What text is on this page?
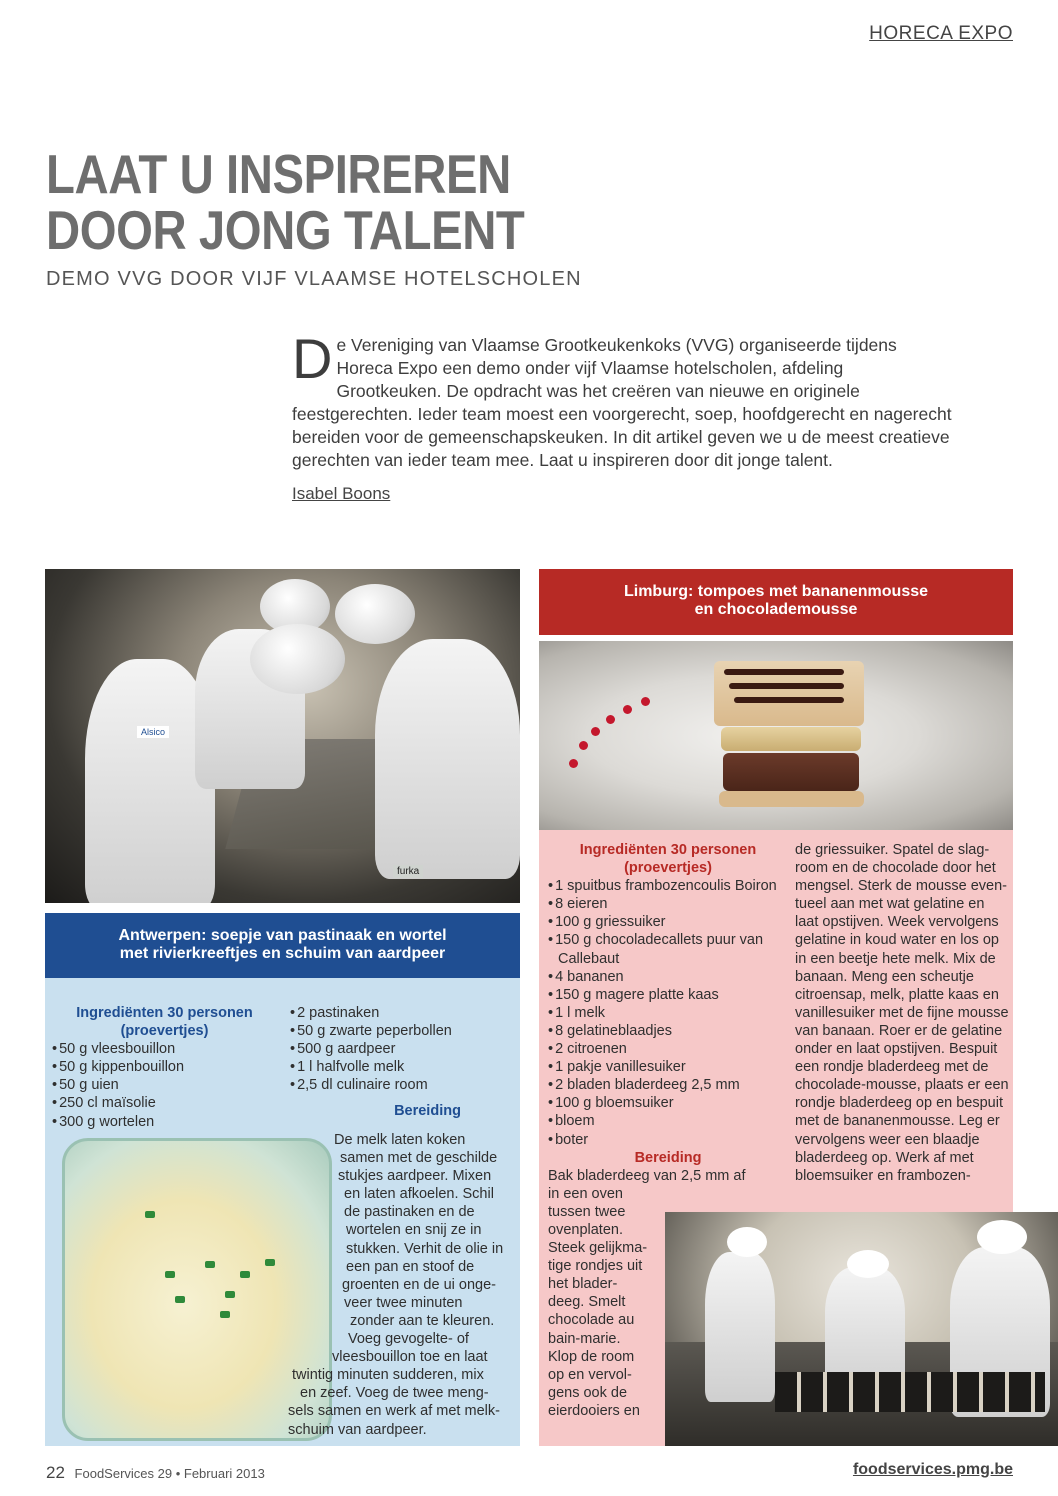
HORECA EXPO
LAAT U INSPIREREN
DOOR JONG TALENT
DEMO VVG DOOR VIJF VLAAMSE HOTELSCHOLEN
D e Vereniging van Vlaamse Grootkeukenkoks (VVG) organiseerde tijdens Horeca Expo een demo onder vijf Vlaamse hotelscholen, afdeling Grootkeuken. De opdracht was het creëren van nieuwe en originele feestgerechten. Ieder team moest een voorgerecht, soep, hoofdgerecht en nagerecht bereiden voor de gemeenschapskeuken. In dit artikel geven we u de meest creatieve gerechten van ieder team mee. Laat u inspireren door dit jonge talent.
Isabel Boons
Alsico
furka
Limburg: tompoes met bananenmousse
en chocolademousse
Antwerpen: soepje van pastinaak en wortel
met rivierkreeftjes en schuim van aardpeer
Ingrediënten 30 personen
(proevertjes)
• 50 g vleesbouillon
• 50 g kippenbouillon
• 50 g uien
• 250 cl maïsolie
• 300 g wortelen
• 2 pastinaken
• 50 g zwarte peperbollen
• 500 g aardpeer
• 1 l halfvolle melk
• 2,5 dl culinaire room
Bereiding
De melk laten koken
samen met de geschilde
stukjes aardpeer. Mixen
en laten afkoelen. Schil
de pastinaken en de
wortelen en snij ze in
stukken. Verhit de olie in
een pan en stoof de
groenten en de ui onge-
veer twee minuten
zonder aan te kleuren.
Voeg gevogelte- of
vleesbouillon toe en laat
twintig minuten sudderen, mix
en zeef. Voeg de twee meng-
sels samen en werk af met melk-
schuim van aardpeer.
Ingrediënten 30 personen
(proevertjes)
• 1 spuitbus frambozencoulis Boiron
• 8 eieren
• 100 g griessuiker
• 150 g chocoladecallets puur van Callebaut
• 4 bananen
• 150 g magere platte kaas
• 1 l melk
• 8 gelatineblaadjes
• 2 citroenen
• 1 pakje vanillesuiker
• 2 bladen bladerdeeg 2,5 mm
• 100 g bloemsuiker
• bloem
• boter
Bereiding
Bak bladerdeeg van 2,5 mm af
in een oven
tussen twee
ovenplaten.
Steek gelijkma-
tige rondjes uit
het blader-
deeg. Smelt
chocolade au
bain-marie.
Klop de room
op en vervol-
gens ook de
eierdooiers en
de griessuiker. Spatel de slag-room en de chocolade door het mengsel. Sterk de mousse even-tueel aan met wat gelatine en laat opstijven. Week vervolgens gelatine in koud water en los op in een beetje hete melk. Mix de banaan. Meng een scheutje citroensap, melk, platte kaas en vanillesuiker met de fijne mousse van banaan. Roer er de gelatine onder en laat opstijven. Bespuit een rondje bladerdeeg met de chocolade-mousse, plaats er een rondje bladerdeeg op en bespuit met de bananenmousse. Leg er vervolgens weer een blaadje bladerdeeg op. Werk af met bloemsuiker en frambozen-
22 FoodServices 29 • Februari 2013	foodservices.pmg.be
